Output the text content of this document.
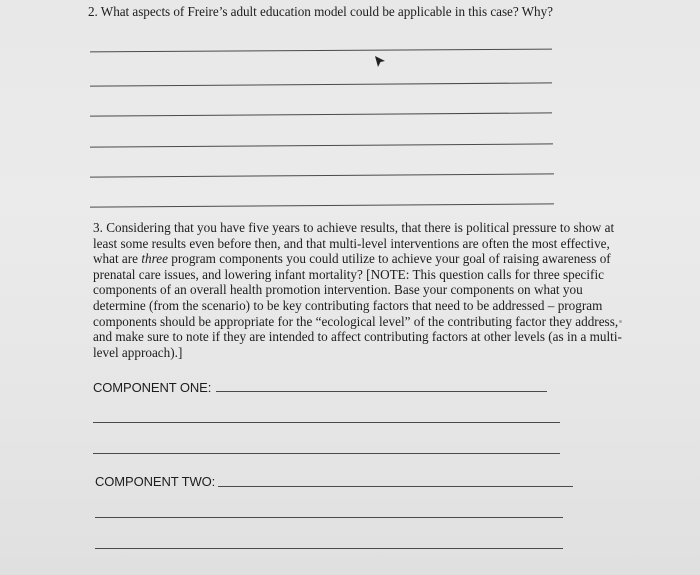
2. What aspects of Freire’s adult education model could be applicable in this case? Why?

3. Considering that you have five years to achieve results, that there is political pressure to show at least some results even before then, and that multi-level interventions are often the most effective, what are three program components you could utilize to achieve your goal of raising awareness of prenatal care issues, and lowering infant mortality? [NOTE: This question calls for three specific components of an overall health promotion intervention. Base your components on what you determine (from the scenario) to be key contributing factors that need to be addressed – program components should be appropriate for the “ecological level” of the contributing factor they address, and make sure to note if they are intended to affect contributing factors at other levels (as in a multi-level approach).]

COMPONENT ONE:
COMPONENT TWO:
